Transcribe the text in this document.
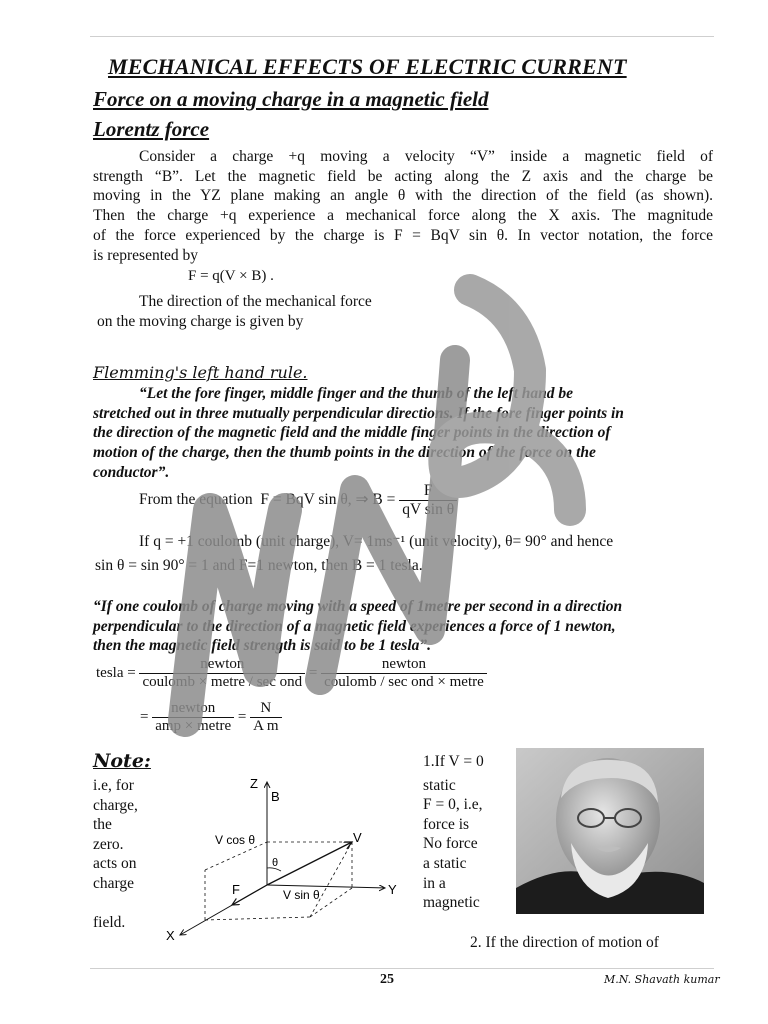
MECHANICAL EFFECTS OF ELECTRIC CURRENT
Force on a moving charge in a magnetic field
Lorentz force
Consider a charge +q moving a velocity “V” inside a magnetic field of
strength “B”. Let the magnetic field be acting along the Z axis and the charge be
moving in the YZ plane making an angle θ with the direction of the field (as shown).
Then the charge +q experience a mechanical force along the X axis. The magnitude
of the force experienced by the charge is F = BqV sin θ. In vector notation, the force
is represented by
F = q(V × B) .
The direction of the mechanical force
on the moving charge is given by
Flemming's left hand rule.
“Let the fore finger, middle finger and the thumb of the left hand be
stretched out in three mutually perpendicular directions. If the fore finger points in
the direction of the magnetic field and the middle finger points in the direction of
motion of the charge, then the thumb points in the direction of the force on the
conductor”.
From the equation F = BqV sin θ, ⇒ $B = \frac{F}{\text{qV sin θ}}$
If q = +1 coulomb (unit charge), V= 1ms⁻¹ (unit velocity), θ= 90° and hence
sin θ = sin 90° = 1 and F=1 newton, then B = 1 tesla.
“If one coulomb of charge moving with a speed of 1metre per second in a direction
perpendicular to the direction of a magnetic field experiences a force of 1 newton,
then the magnetic field strength is said to be 1 tesla”.
tesla = $\frac{\text{newton}}{\text{coulomb × metre / sec ond}} = \frac{\text{newton}}{\text{coulomb / sec ond × metre}}$
= $\frac{\text{newton}}{\text{amp × metre}} = \frac{N}{\text{A m}}$
Note:
i.e, for
charge,
the
zero.
acts on
charge
field.
1.If V = 0
static
F = 0, i.e,
force is
No force
a static
in a
magnetic
2. If the direction of motion of
Z
B
V
V cos θ
θ
F	V sin θ	Y
X
25	M.N. Shavath kumar
